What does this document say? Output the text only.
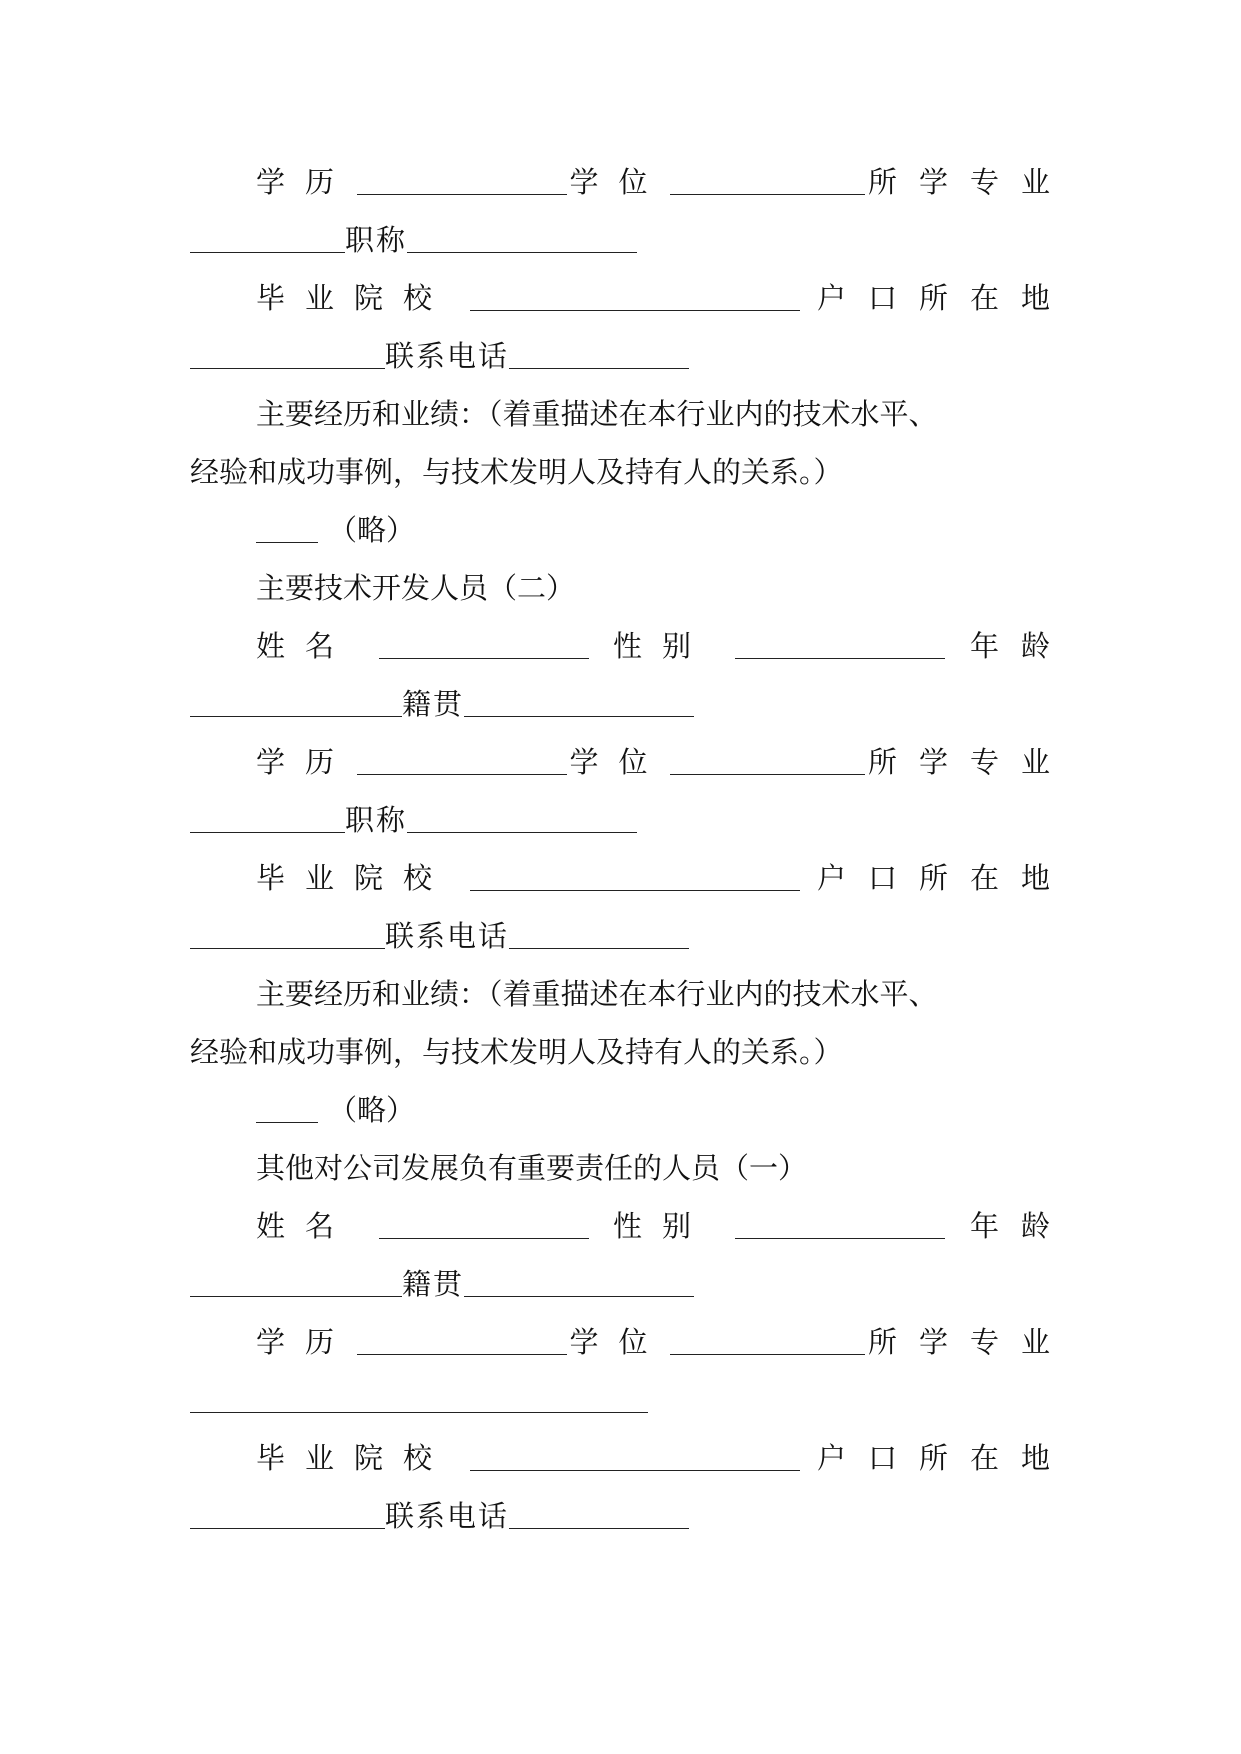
学历	学位	所学专业
职称
毕业院校	户口所在地
联系电话
主要经历和业绩：（着重描述在本行业内的技术水平、
经验和成功事例，与技术发明人及持有人的关系。）
（略）
主要技术开发人员（二）
姓名	性别	年龄
籍贯
学历	学位	所学专业
职称
毕业院校	户口所在地
联系电话
主要经历和业绩：（着重描述在本行业内的技术水平、
经验和成功事例，与技术发明人及持有人的关系。）
（略）
其他对公司发展负有重要责任的人员（一）
姓名	性别	年龄
籍贯
学历	学位	所学专业
毕业院校	户口所在地
联系电话
